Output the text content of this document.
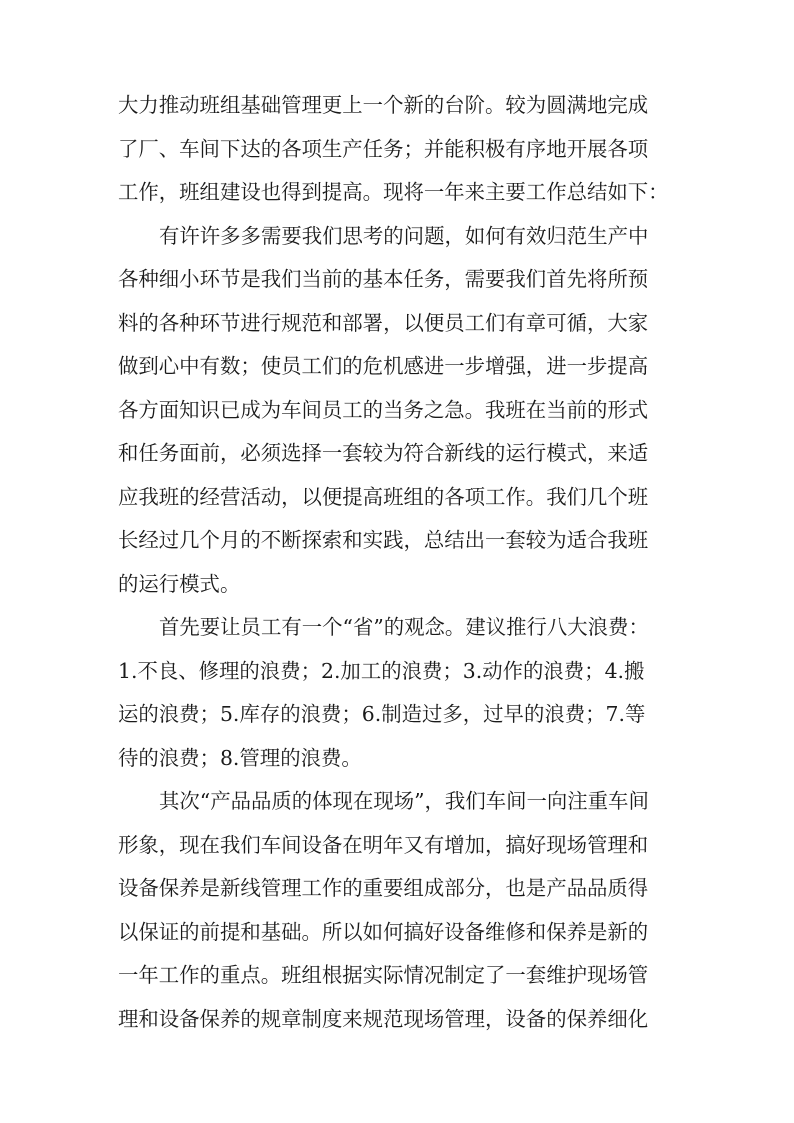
大力推动班组基础管理更上一个新的台阶。较为圆满地完成
了厂、车间下达的各项生产任务；并能积极有序地开展各项
工作，班组建设也得到提高。现将一年来主要工作总结如下：
有许许多多需要我们思考的问题，如何有效归范生产中
各种细小环节是我们当前的基本任务，需要我们首先将所预
料的各种环节进行规范和部署，以便员工们有章可循，大家
做到心中有数；使员工们的危机感进一步增强，进一步提高
各方面知识已成为车间员工的当务之急。我班在当前的形式
和任务面前，必须选择一套较为符合新线的运行模式，来适
应我班的经营活动，以便提高班组的各项工作。我们几个班
长经过几个月的不断探索和实践，总结出一套较为适合我班
的运行模式。
首先要让员工有一个“省”的观念。建议推行八大浪费：
1.不良、修理的浪费；2.加工的浪费；3.动作的浪费；4.搬
运的浪费；5.库存的浪费；6.制造过多，过早的浪费；7.等
待的浪费；8.管理的浪费。
其次“产品品质的体现在现场”，我们车间一向注重车间
形象，现在我们车间设备在明年又有增加，搞好现场管理和
设备保养是新线管理工作的重要组成部分，也是产品品质得
以保证的前提和基础。所以如何搞好设备维修和保养是新的
一年工作的重点。班组根据实际情况制定了一套维护现场管
理和设备保养的规章制度来规范现场管理，设备的保养细化
